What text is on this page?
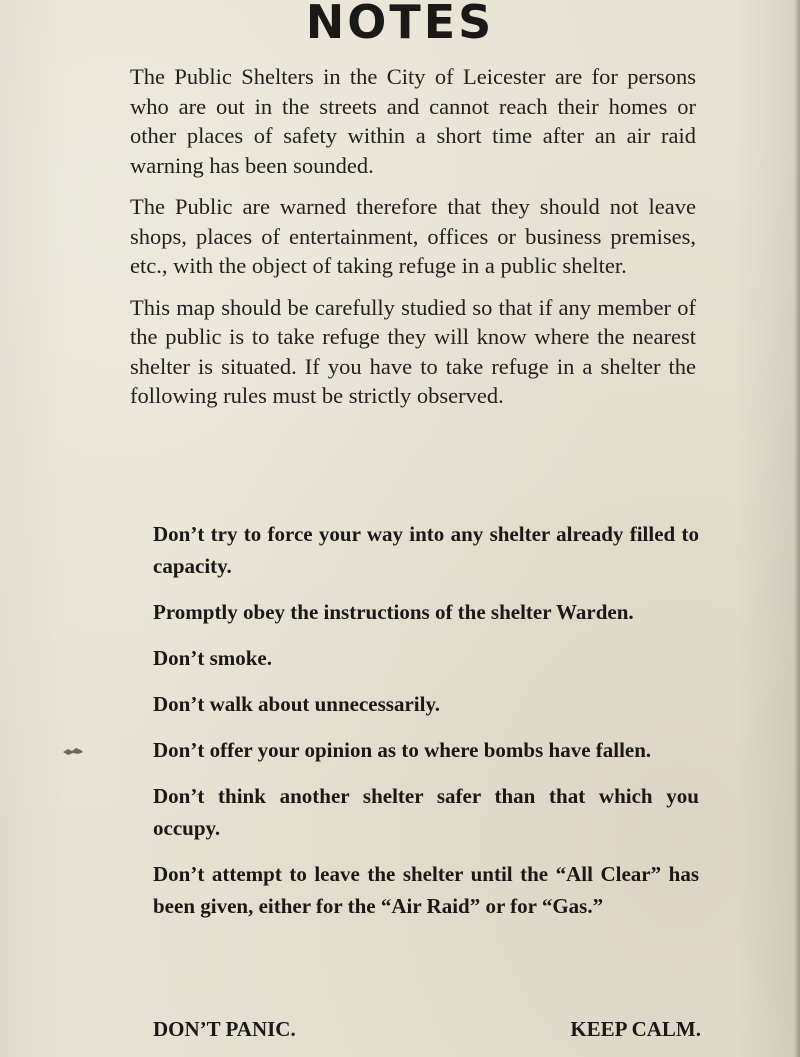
NOTES

The Public Shelters in the City of Leicester are for persons who are out in the streets and cannot reach their homes or other places of safety within a short time after an air raid warning has been sounded.

The Public are warned therefore that they should not leave shops, places of entertainment, offices or business premises, etc., with the object of taking refuge in a public shelter.

This map should be carefully studied so that if any member of the public is to take refuge they will know where the nearest shelter is situated. If you have to take refuge in a shelter the following rules must be strictly observed.

Don’t try to force your way into any shelter already filled to capacity.

Promptly obey the instructions of the shelter Warden.

Don’t smoke.

Don’t walk about unnecessarily.

Don’t offer your opinion as to where bombs have fallen.

Don’t think another shelter safer than that which you occupy.

Don’t attempt to leave the shelter until the “All Clear” has been given, either for the “Air Raid” or for “Gas.”

DON’T PANIC.	KEEP CALM.
